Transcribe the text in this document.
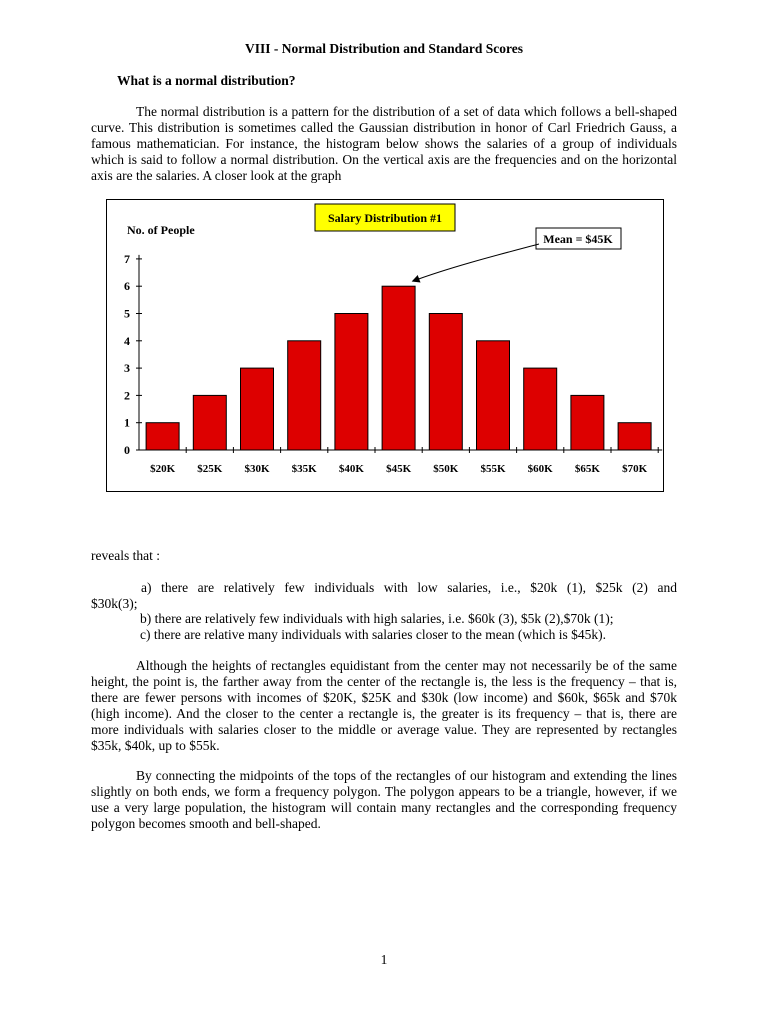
VIII - Normal Distribution and Standard Scores
What is a normal distribution?

The normal distribution is a pattern for the distribution of a set of data which follows a bell-shaped curve. This distribution is sometimes called the Gaussian distribution in honor of Carl Friedrich Gauss, a famous mathematician. For instance, the histogram below shows the salaries of a group of individuals which is said to follow a normal distribution. On the vertical axis are the frequencies and on the horizontal axis are the salaries. A closer look at the graph

0
1
2
3
4
5
6
7
$20K $25K $30K $35K $40K $45K $50K $55K $60K $65K $70K
No. of People
Salary Distribution #1
Mean = $45K
reveals that :
a) there are relatively few individuals with low salaries, i.e., $20k (1), $25k (2) and
$30k(3);
b) there are relatively few individuals with high salaries, i.e. $60k (3), $5k (2),$70k (1);
c) there are relative many individuals with salaries closer to the mean (which is $45k).

Although the heights of rectangles equidistant from the center may not necessarily be of the same height, the point is, the farther away from the center of the rectangle is, the less is the frequency – that is, there are fewer persons with incomes of $20K, $25K and $30k (low income) and $60k, $65k and $70k (high income). And the closer to the center a rectangle is, the greater is its frequency – that is, there are more individuals with salaries closer to the middle or average value. They are represented by rectangles $35k, $40k, up to $55k.

By connecting the midpoints of the tops of the rectangles of our histogram and extending the lines slightly on both ends, we form a frequency polygon. The polygon appears to be a triangle, however, if we use a very large population, the histogram will contain many rectangles and the corresponding frequency polygon becomes smooth and bell-shaped.

1
